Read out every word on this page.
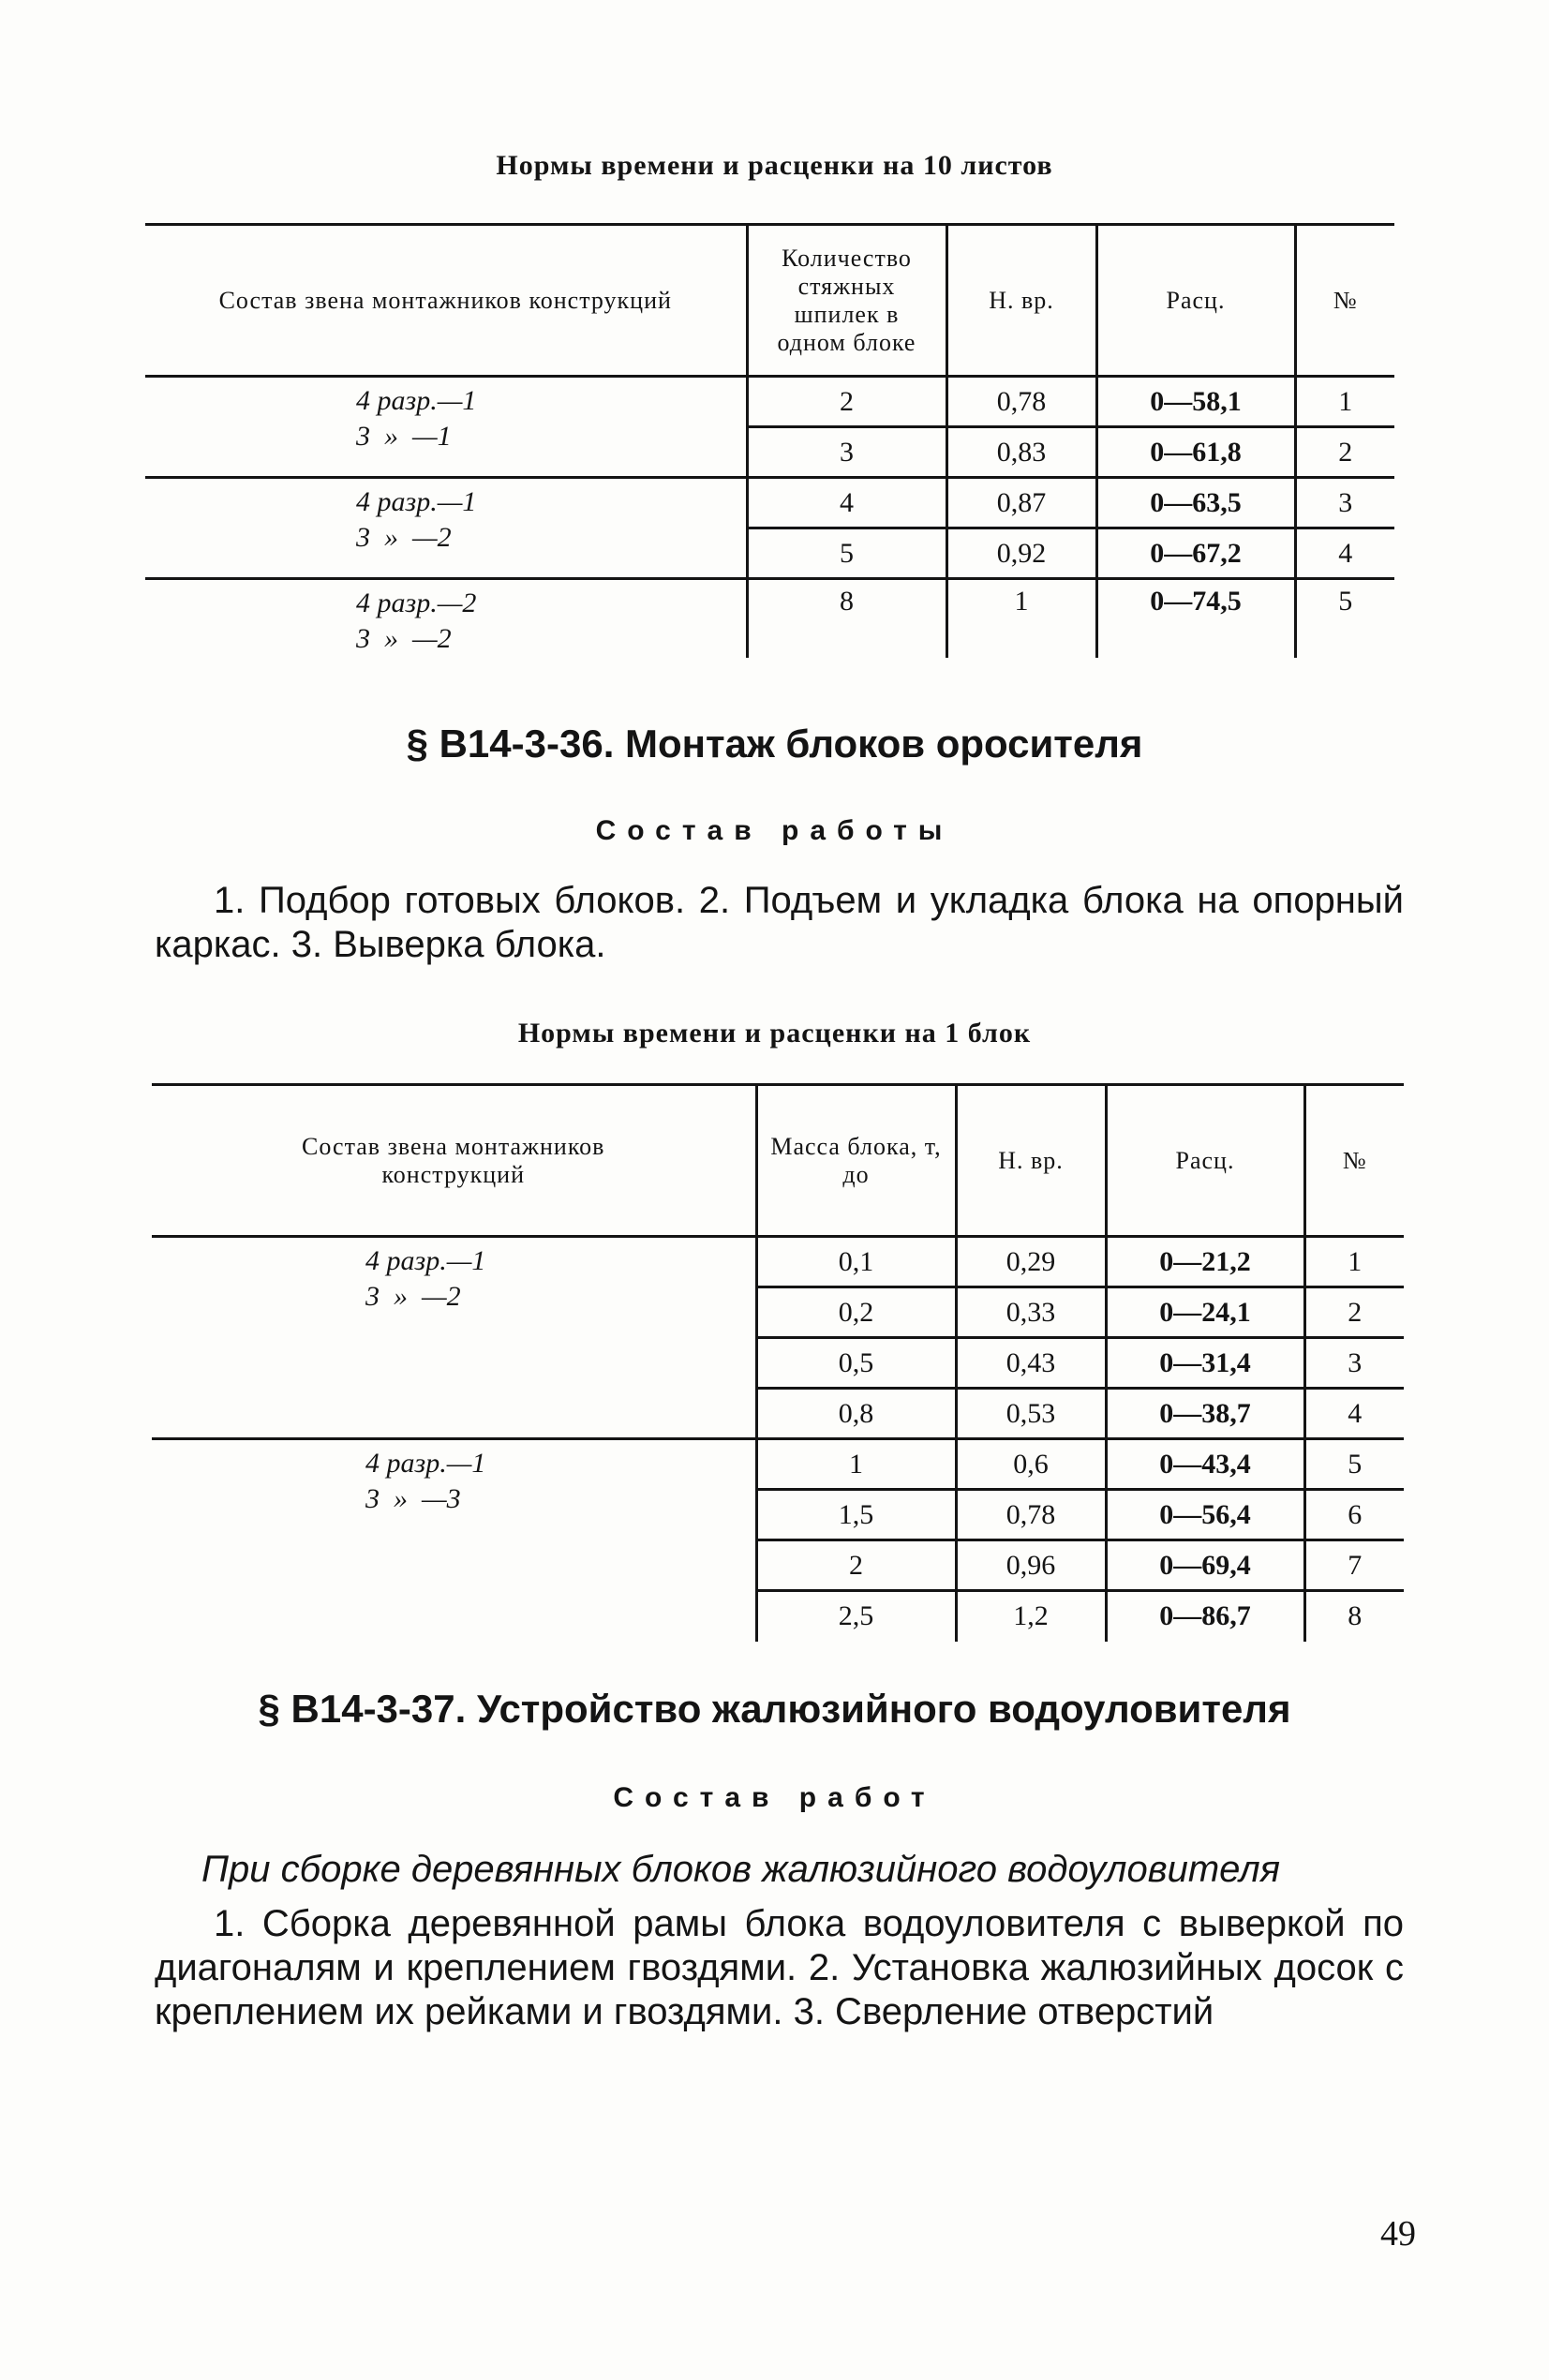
Нормы времени и расценки на 10 листов
Состав звена монтажников конструкций	Количество стяжных шпилек в одном блоке	Н. вр.	Расц.	№
4 разр.—1
3  »  —1	2	0,78	0—58,1	1
	3	0,83	0—61,8	2
4 разр.—1
3  »  —2	4	0,87	0—63,5	3
	5	0,92	0—67,2	4
4 разр.—2
3  »  —2	8	1	0—74,5	5
§ В14-3-36. Монтаж блоков оросителя
Состав работы
1. Подбор готовых блоков. 2. Подъем и укладка блока на опорный каркас. 3. Выверка блока.
Нормы времени и расценки на 1 блок
Состав звена монтажников конструкций	Масса блока, т, до	Н. вр.	Расц.	№
4 разр.—1
3  »  —2	0,1	0,29	0—21,2	1
	0,2	0,33	0—24,1	2
	0,5	0,43	0—31,4	3
	0,8	0,53	0—38,7	4
4 разр.—1
3  »  —3	1	0,6	0—43,4	5
	1,5	0,78	0—56,4	6
	2	0,96	0—69,4	7
	2,5	1,2	0—86,7	8
§ В14-3-37. Устройство жалюзийного водоуловителя
Состав работ
При сборке деревянных блоков жалюзийного водоуловителя
1. Сборка деревянной рамы блока водоуловителя с выверкой по диагоналям и креплением гвоздями. 2. Установка жалюзийных досок с креплением их рейками и гвоздями. 3. Сверление отверстий
49
